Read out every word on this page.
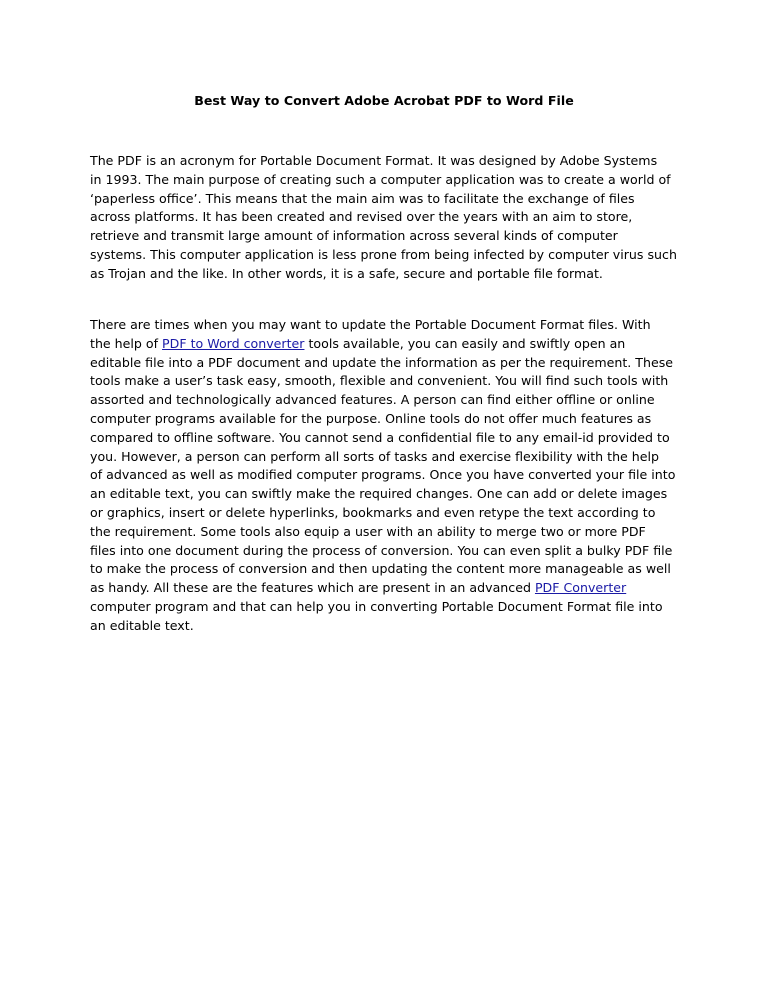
Best Way to Convert Adobe Acrobat PDF to Word File
The PDF is an acronym for Portable Document Format. It was designed by Adobe Systems
in 1993. The main purpose of creating such a computer application was to create a world of
‘paperless office’. This means that the main aim was to facilitate the exchange of files
across platforms. It has been created and revised over the years with an aim to store,
retrieve and transmit large amount of information across several kinds of computer
systems. This computer application is less prone from being infected by computer virus such
as Trojan and the like. In other words, it is a safe, secure and portable file format.
There are times when you may want to update the Portable Document Format files. With
the help of PDF to Word converter tools available, you can easily and swiftly open an
editable file into a PDF document and update the information as per the requirement. These
tools make a user’s task easy, smooth, flexible and convenient. You will find such tools with
assorted and technologically advanced features. A person can find either offline or online
computer programs available for the purpose. Online tools do not offer much features as
compared to offline software. You cannot send a confidential file to any email-id provided to
you. However, a person can perform all sorts of tasks and exercise flexibility with the help
of advanced as well as modified computer programs. Once you have converted your file into
an editable text, you can swiftly make the required changes. One can add or delete images
or graphics, insert or delete hyperlinks, bookmarks and even retype the text according to
the requirement. Some tools also equip a user with an ability to merge two or more PDF
files into one document during the process of conversion. You can even split a bulky PDF file
to make the process of conversion and then updating the content more manageable as well
as handy. All these are the features which are present in an advanced PDF Converter
computer program and that can help you in converting Portable Document Format file into
an editable text.
